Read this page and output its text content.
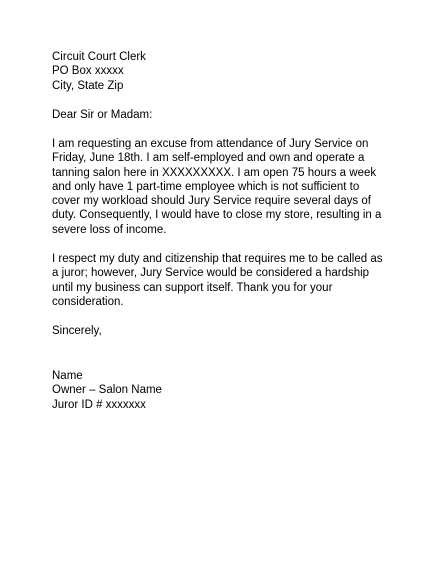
Circuit Court Clerk
PO Box xxxxx
City, State Zip
Dear Sir or Madam:
I am requesting an excuse from attendance of Jury Service on
Friday, June 18th. I am self-employed and own and operate a
tanning salon here in XXXXXXXXX. I am open 75 hours a week
and only have 1 part-time employee which is not sufficient to
cover my workload should Jury Service require several days of
duty. Consequently, I would have to close my store, resulting in a
severe loss of income.
I respect my duty and citizenship that requires me to be called as
a juror; however, Jury Service would be considered a hardship
until my business can support itself. Thank you for your
consideration.
Sincerely,
Name
Owner – Salon Name
Juror ID # xxxxxxx
